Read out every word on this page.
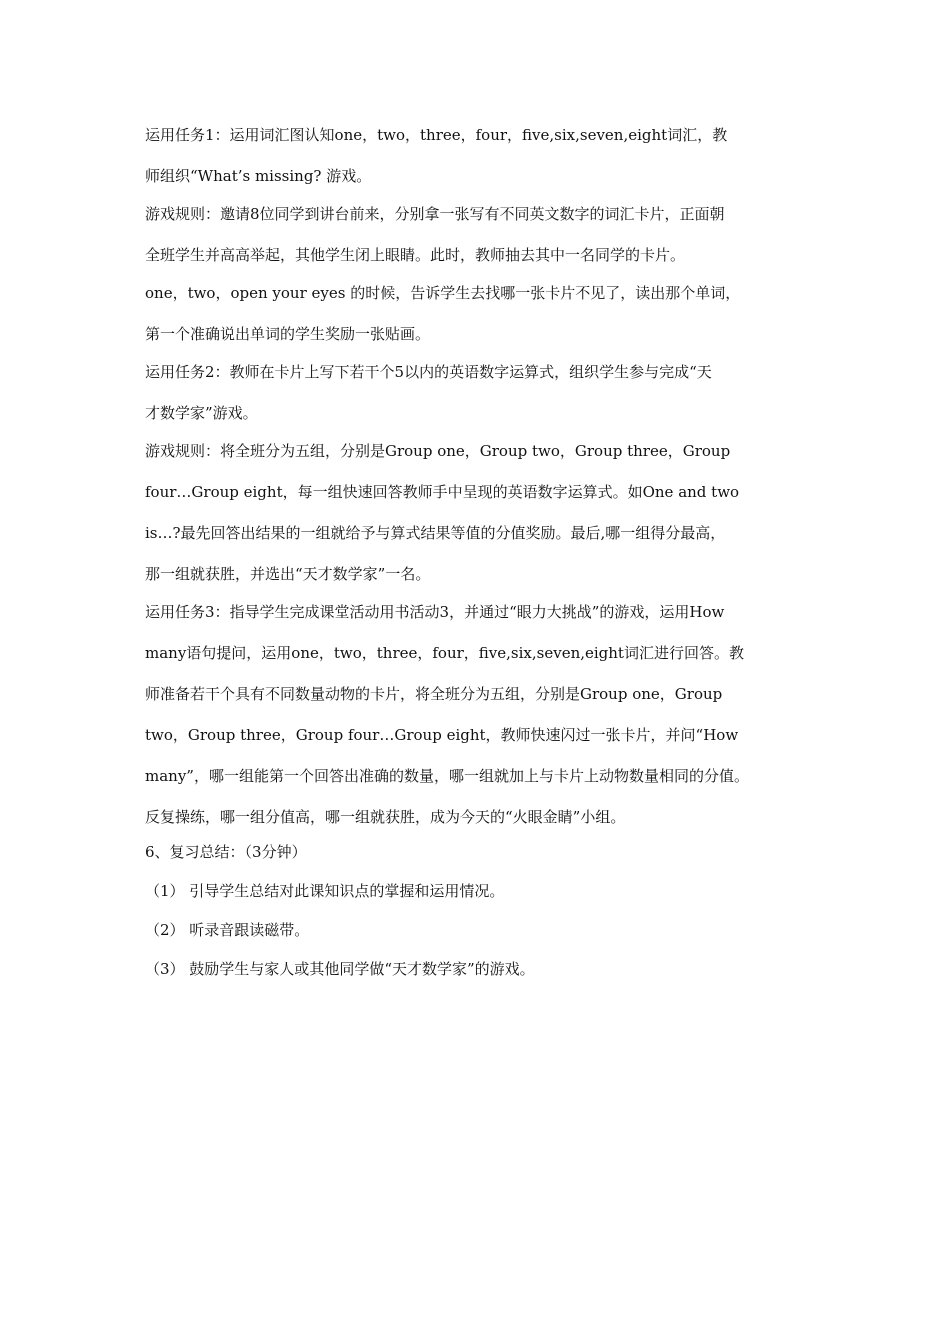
运用任务1：运用词汇图认知one，two，three，four，five,six,seven,eight词汇，教
师组织“What’s missing? 游戏。
游戏规则：邀请8位同学到讲台前来，分别拿一张写有不同英文数字的词汇卡片，正面朝
全班学生并高高举起，其他学生闭上眼睛。此时，教师抽去其中一名同学的卡片。
one，two，open your eyes 的时候，告诉学生去找哪一张卡片不见了，读出那个单词，
第一个准确说出单词的学生奖励一张贴画。
运用任务2：教师在卡片上写下若干个5以内的英语数字运算式，组织学生参与完成“天
才数学家”游戏。
游戏规则：将全班分为五组，分别是Group one，Group two，Group three，Group
four…Group eight，每一组快速回答教师手中呈现的英语数字运算式。如One and two
is…?最先回答出结果的一组就给予与算式结果等值的分值奖励。最后,哪一组得分最高，
那一组就获胜，并选出“天才数学家”一名。
运用任务3：指导学生完成课堂活动用书活动3，并通过“眼力大挑战”的游戏，运用How
many语句提问，运用one，two，three，four，five,six,seven,eight词汇进行回答。教
师准备若干个具有不同数量动物的卡片，将全班分为五组，分别是Group one，Group
two，Group three，Group four…Group eight，教师快速闪过一张卡片，并问“How
many”，哪一组能第一个回答出准确的数量，哪一组就加上与卡片上动物数量相同的分值。
反复操练，哪一组分值高，哪一组就获胜，成为今天的“火眼金睛”小组。
6、复习总结：（3分钟）
（1） 引导学生总结对此课知识点的掌握和运用情况。
（2） 听录音跟读磁带。
（3） 鼓励学生与家人或其他同学做“天才数学家”的游戏。
